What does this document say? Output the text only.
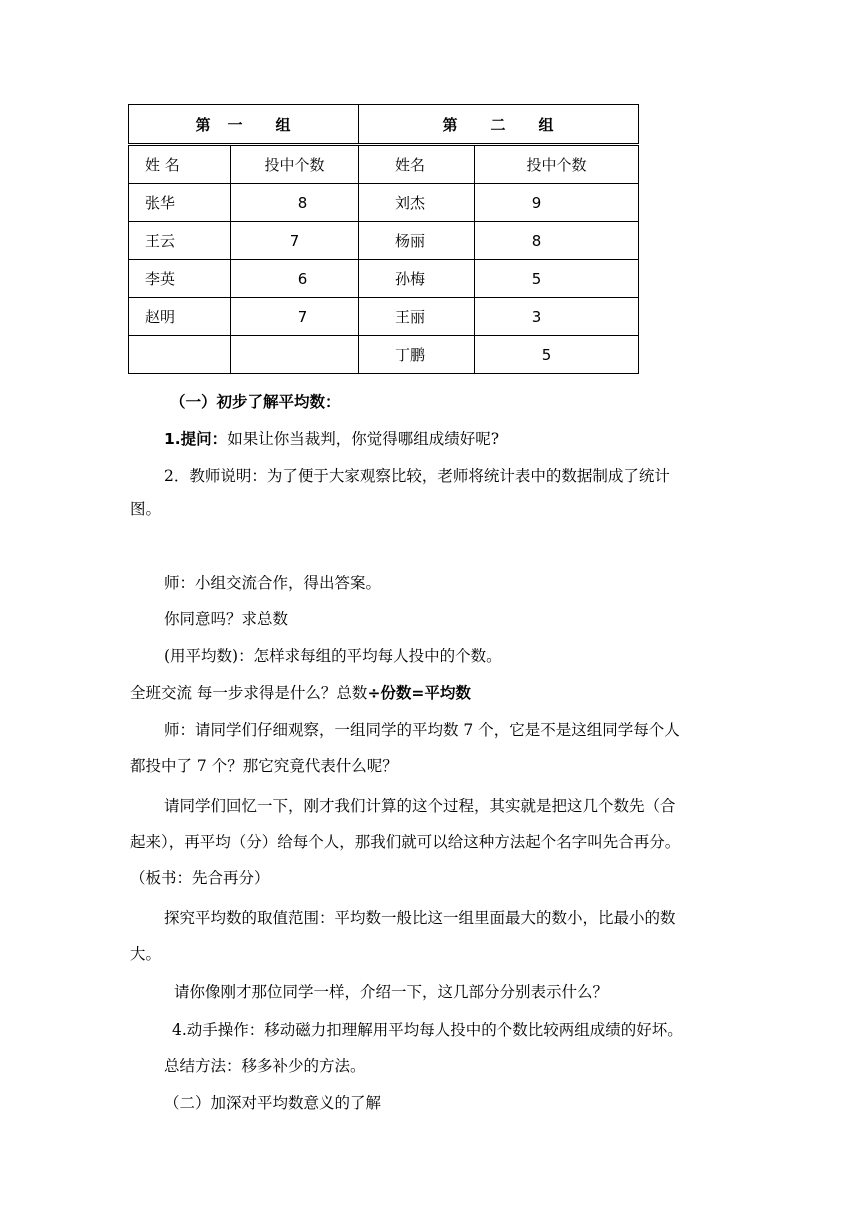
第　一　　组		第　　二　　组	
姓 名	投中个数	姓名	投中个数
张华	8	刘杰	9
王云	7	杨丽	8
李英	6	孙梅	5
赵明	7	王丽	3
		丁鹏	5
（一）初步了解平均数：
1.提问：如果让你当裁判，你觉得哪组成绩好呢?
2．教师说明：为了便于大家观察比较，老师将统计表中的数据制成了统计
图。
师：小组交流合作，得出答案。
你同意吗？求总数
(用平均数)：怎样求每组的平均每人投中的个数。
全班交流 每一步求得是什么？总数÷份数=平均数
师：请同学们仔细观察，一组同学的平均数 7 个，它是不是这组同学每个人
都投中了 7 个？那它究竟代表什么呢？
请同学们回忆一下，刚才我们计算的这个过程，其实就是把这几个数先（合
起来），再平均（分）给每个人，那我们就可以给这种方法起个名字叫先合再分。
（板书：先合再分）
探究平均数的取值范围：平均数一般比这一组里面最大的数小，比最小的数
大。
请你像刚才那位同学一样，介绍一下，这几部分分别表示什么？
4.动手操作：移动磁力扣理解用平均每人投中的个数比较两组成绩的好坏。
总结方法：移多补少的方法。
（二）加深对平均数意义的了解
